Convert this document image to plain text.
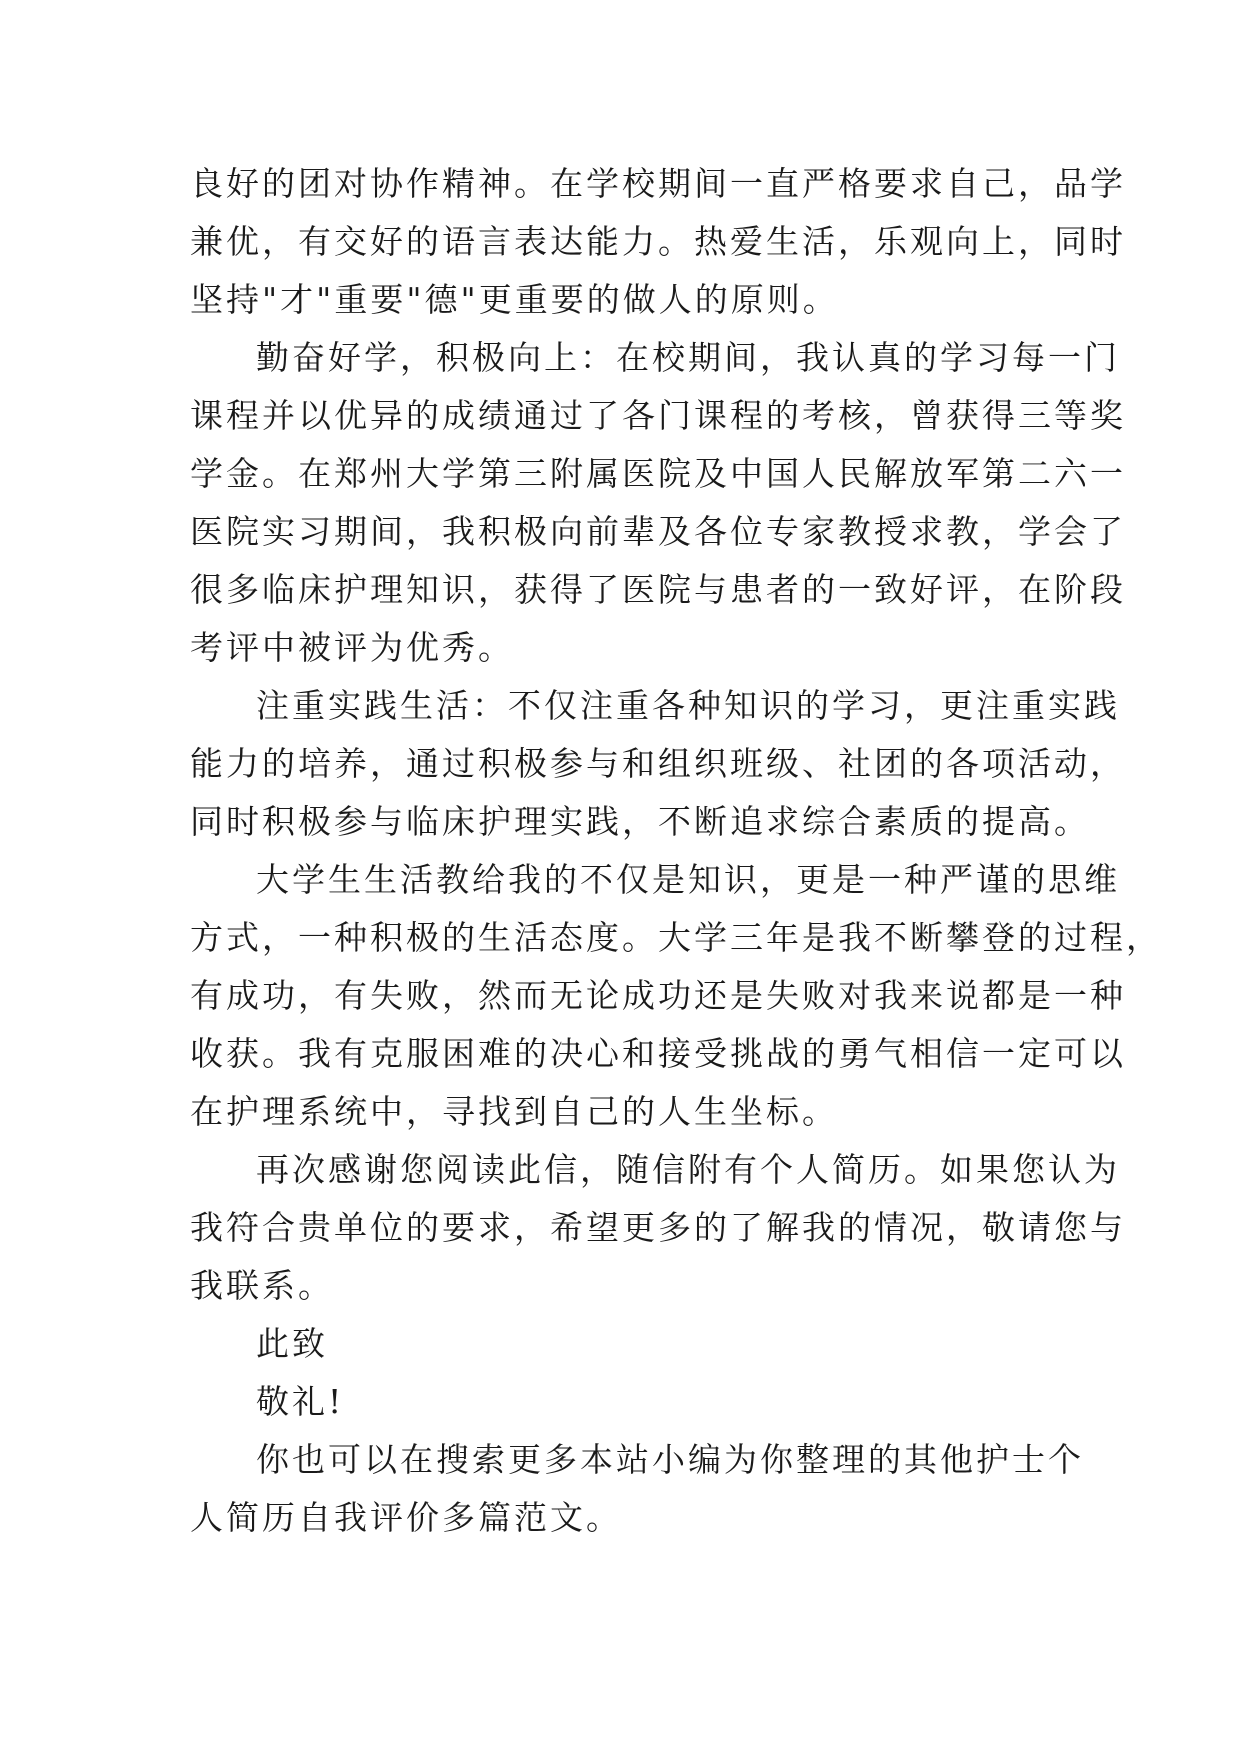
良好的团对协作精神。在学校期间一直严格要求自己，品学
兼优，有交好的语言表达能力。热爱生活，乐观向上，同时
坚持"才"重要"德"更重要的做人的原则。
勤奋好学，积极向上：在校期间，我认真的学习每一门
课程并以优异的成绩通过了各门课程的考核，曾获得三等奖
学金。在郑州大学第三附属医院及中国人民解放军第二六一
医院实习期间，我积极向前辈及各位专家教授求教，学会了
很多临床护理知识，获得了医院与患者的一致好评，在阶段
考评中被评为优秀。
注重实践生活：不仅注重各种知识的学习，更注重实践
能力的培养，通过积极参与和组织班级、社团的各项活动，
同时积极参与临床护理实践，不断追求综合素质的提高。
大学生生活教给我的不仅是知识，更是一种严谨的思维
方式，一种积极的生活态度。大学三年是我不断攀登的过程，
有成功，有失败，然而无论成功还是失败对我来说都是一种
收获。我有克服困难的决心和接受挑战的勇气相信一定可以
在护理系统中，寻找到自己的人生坐标。
再次感谢您阅读此信，随信附有个人简历。如果您认为
我符合贵单位的要求，希望更多的了解我的情况，敬请您与
我联系。
此致
敬礼!
你也可以在搜索更多本站小编为你整理的其他护士个
人简历自我评价多篇范文。
